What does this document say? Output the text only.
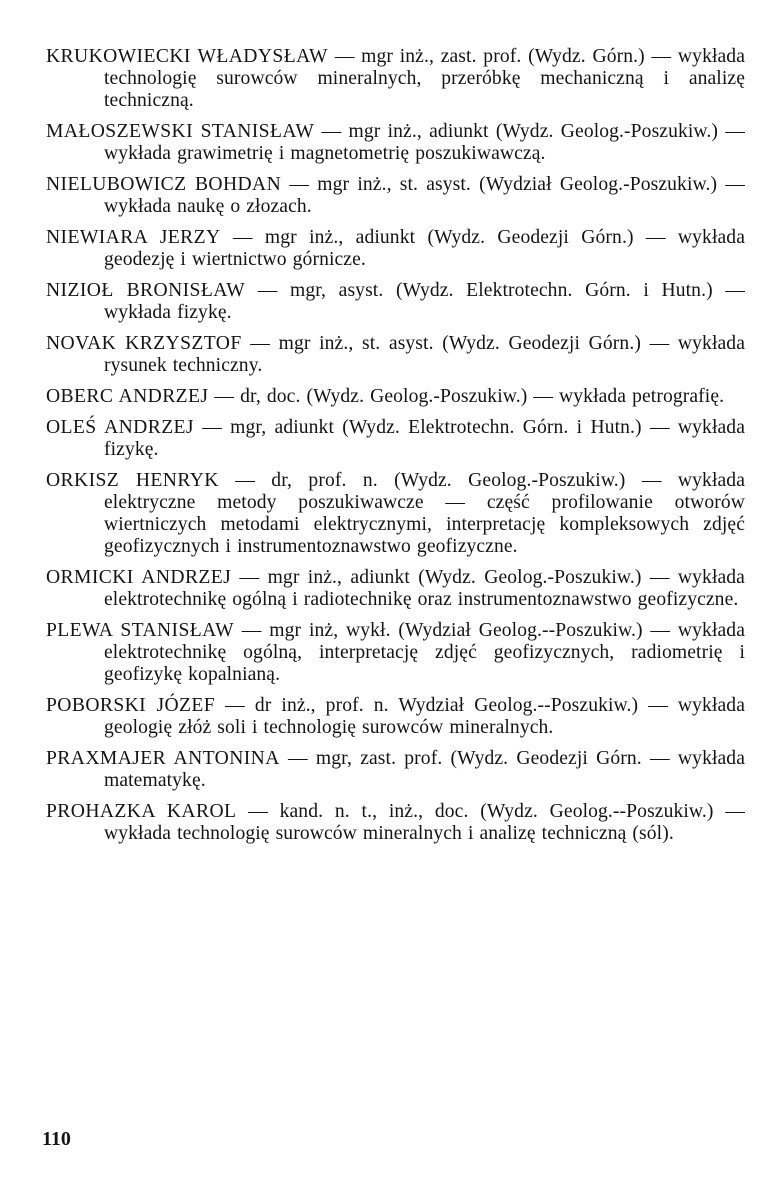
KRUKOWIECKI WŁADYSŁAW — mgr inż., zast. prof. (Wydz. Górn.) — wykłada technologię surowców mineralnych, przeróbkę mechaniczną i analizę techniczną.

MAŁOSZEWSKI STANISŁAW — mgr inż., adiunkt (Wydz. Geolog.-Poszukiw.) — wykłada grawimetrię i magnetometrię poszukiwawczą.

NIELUBOWICZ BOHDAN — mgr inż., st. asyst. (Wydział Geolog.-Poszukiw.) — wykłada naukę o złozach.

NIEWIARA JERZY — mgr inż., adiunkt (Wydz. Geodezji Górn.) — wykłada geodezję i wiertnictwo górnicze.

NIZIOŁ BRONISŁAW — mgr, asyst. (Wydz. Elektrotechn. Górn. i Hutn.) — wykłada fizykę.

NOVAK KRZYSZTOF — mgr inż., st. asyst. (Wydz. Geodezji Górn.) — wykłada rysunek techniczny.

OBERC ANDRZEJ — dr, doc. (Wydz. Geolog.-Poszukiw.) — wykłada petrografię.

OLEŚ ANDRZEJ — mgr, adiunkt (Wydz. Elektrotechn. Górn. i Hutn.) — wykłada fizykę.

ORKISZ HENRYK — dr, prof. n. (Wydz. Geolog.-Poszukiw.) — wykłada elektryczne metody poszukiwawcze — część profilowanie otworów wiertniczych metodami elektrycznymi, interpretację kompleksowych zdjęć geofizycznych i instrumentoznawstwo geofizyczne.

ORMICKI ANDRZEJ — mgr inż., adiunkt (Wydz. Geolog.-Poszukiw.) — wykłada elektrotechnikę ogólną i radiotechnikę oraz instrumentoznawstwo geofizyczne.

PLEWA STANISŁAW — mgr inż, wykł. (Wydział Geolog.--Poszukiw.) — wykłada elektrotechnikę ogólną, interpretację zdjęć geofizycznych, radiometrię i geofizykę kopalnianą.

POBORSKI JÓZEF — dr inż., prof. n. Wydział Geolog.--Poszukiw.) — wykłada geologię złóż soli i technologię surowców mineralnych.

PRAXMAJER ANTONINA — mgr, zast. prof. (Wydz. Geodezji Górn. — wykłada matematykę.

PROHAZKA KAROL — kand. n. t., inż., doc. (Wydz. Geolog.--Poszukiw.) — wykłada technologię surowców mineralnych i analizę techniczną (sól).

110
